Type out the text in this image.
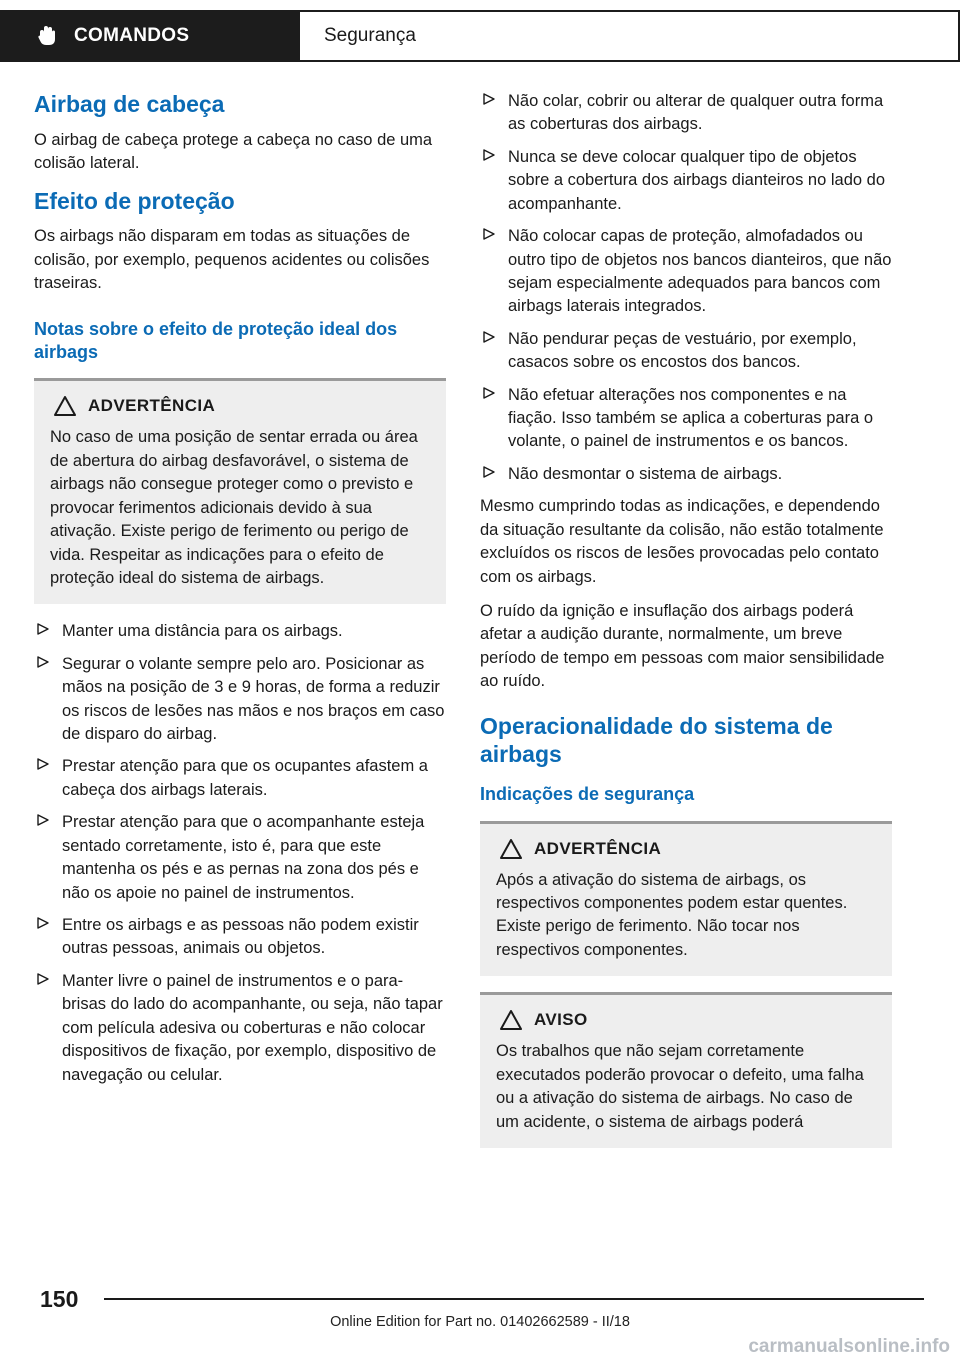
COMANDOS	Segurança
Airbag de cabeça

O airbag de cabeça protege a cabeça no caso de uma colisão lateral.

Efeito de proteção

Os airbags não disparam em todas as situações de colisão, por exemplo, pequenos acidentes ou colisões traseiras.

Notas sobre o efeito de proteção ideal dos airbags
ADVERTÊNCIA

No caso de uma posição de sentar errada ou área de abertura do airbag desfavorável, o sistema de airbags não consegue proteger como o previsto e provocar ferimentos adicionais devido à sua ativação. Existe perigo de ferimento ou perigo de vida. Respeitar as indicações para o efeito de proteção ideal do sistema de airbags.

Manter uma distância para os airbags.
Segurar o volante sempre pelo aro. Posicionar as mãos na posição de 3 e 9 horas, de forma a reduzir os riscos de lesões nas mãos e nos braços em caso de disparo do airbag.
Prestar atenção para que os ocupantes afastem a cabeça dos airbags laterais.
Prestar atenção para que o acompanhante esteja sentado corretamente, isto é, para que este mantenha os pés e as pernas na zona dos pés e não os apoie no painel de instrumentos.
Entre os airbags e as pessoas não podem existir outras pessoas, animais ou objetos.
Manter livre o painel de instrumentos e o para-brisas do lado do acompanhante, ou seja, não tapar com película adesiva ou coberturas e não colocar dispositivos de fixação, por exemplo, dispositivo de navegação ou celular.
Não colar, cobrir ou alterar de qualquer outra forma as coberturas dos airbags.
Nunca se deve colocar qualquer tipo de objetos sobre a cobertura dos airbags dianteiros no lado do acompanhante.
Não colocar capas de proteção, almofadados ou outro tipo de objetos nos bancos dianteiros, que não sejam especialmente adequados para bancos com airbags laterais integrados.
Não pendurar peças de vestuário, por exemplo, casacos sobre os encostos dos bancos.
Não efetuar alterações nos componentes e na fiação. Isso também se aplica a coberturas para o volante, o painel de instrumentos e os bancos.
Não desmontar o sistema de airbags.

Mesmo cumprindo todas as indicações, e dependendo da situação resultante da colisão, não estão totalmente excluídos os riscos de lesões provocadas pelo contato com os airbags.

O ruído da ignição e insuflação dos airbags poderá afetar a audição durante, normalmente, um breve período de tempo em pessoas com maior sensibilidade ao ruído.

Operacionalidade do sistema de airbags
Indicações de segurança
ADVERTÊNCIA

Após a ativação do sistema de airbags, os respectivos componentes podem estar quentes. Existe perigo de ferimento. Não tocar nos respectivos componentes.

AVISO

Os trabalhos que não sejam corretamente executados poderão provocar o defeito, uma falha ou a ativação do sistema de airbags. No caso de um acidente, o sistema de airbags poderá

150
Online Edition for Part no. 01402662589 - II/18
carmanualsonline.info
